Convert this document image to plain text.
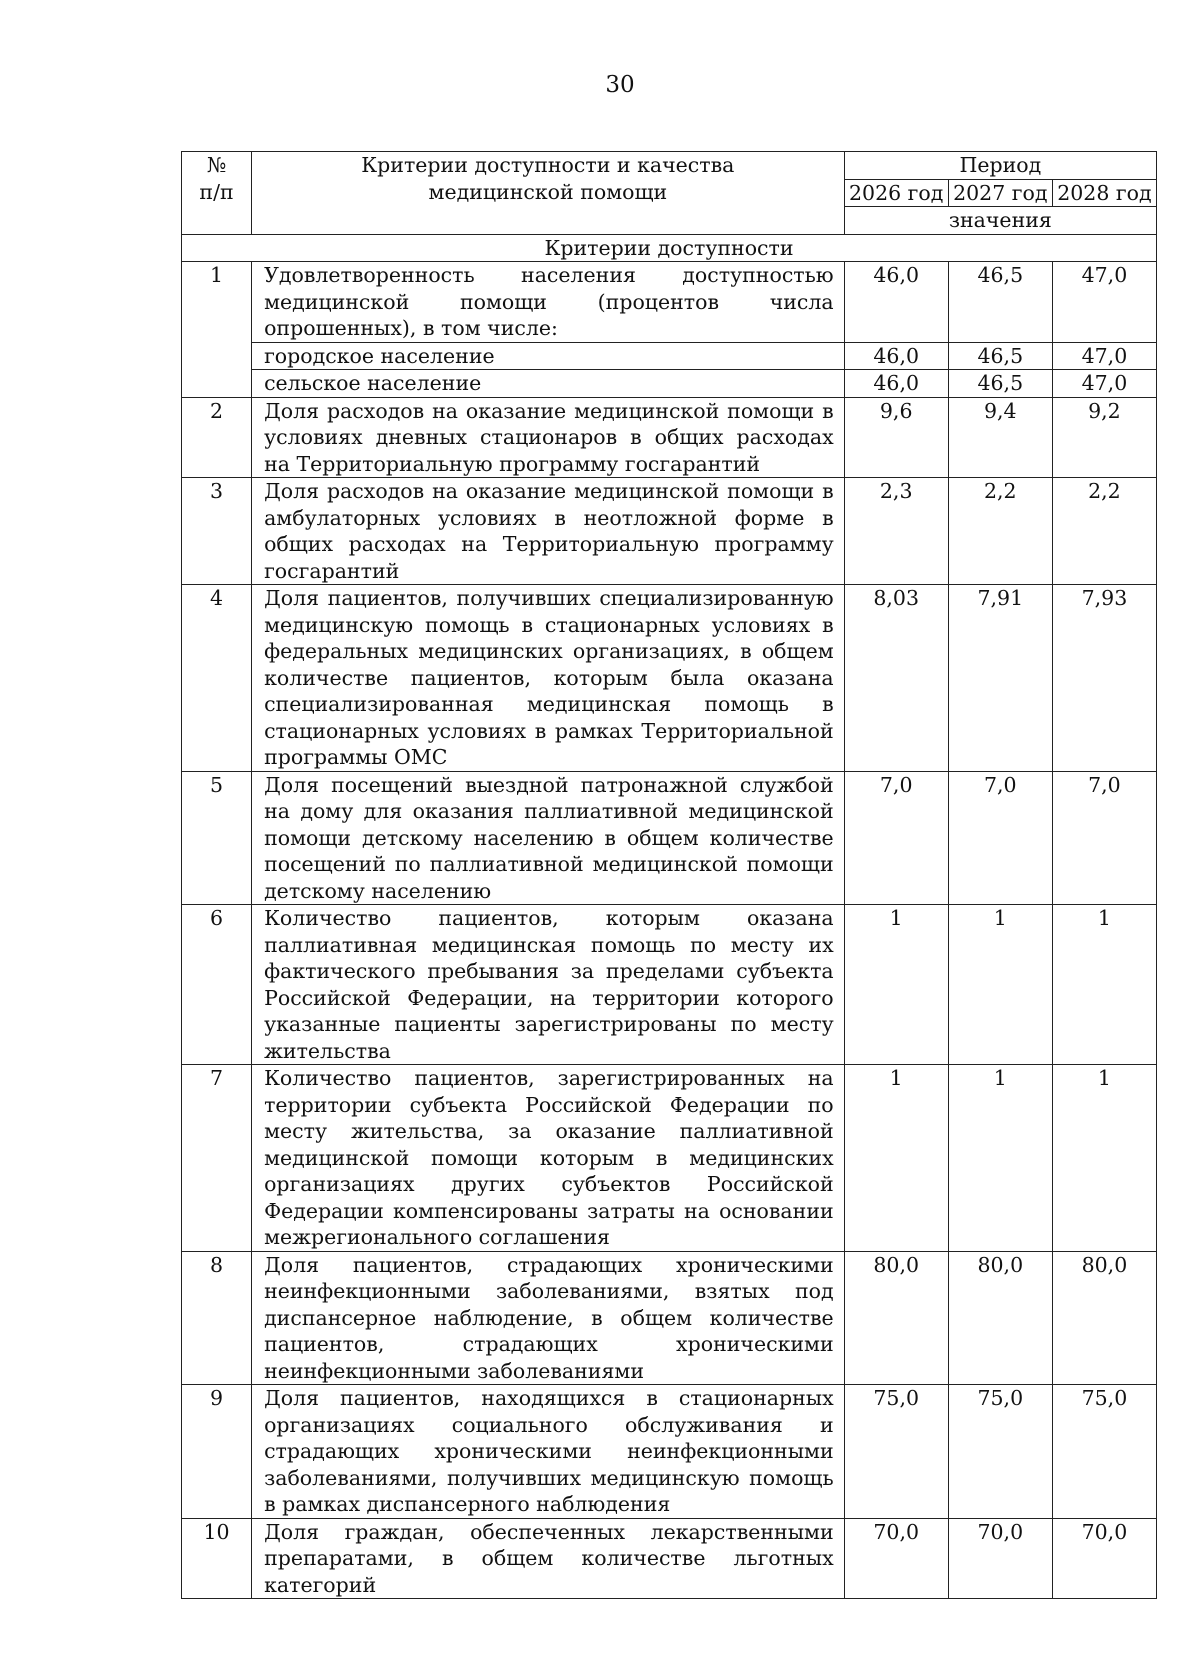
30
№
п/п	Критерии доступности и качества медицинской помощи	Период		
		2026 год	2027 год	2028 год
		значения		
Критерии доступности				
1	Удовлетворенность населения доступностью медицинской помощи (процентов числа опрошенных), в том числе:	46,0	46,5	47,0
	городское население	46,0	46,5	47,0
	сельское население	46,0	46,5	47,0
2	Доля расходов на оказание медицинской помощи в условиях дневных стационаров в общих расходах на Территориальную программу госгарантий	9,6	9,4	9,2
3	Доля расходов на оказание медицинской помощи в амбулаторных условиях в неотложной форме в общих расходах на Территориальную программу госгарантий	2,3	2,2	2,2
4	Доля пациентов, получивших специализированную медицинскую помощь в стационарных условиях в федеральных медицинских организациях, в общем количестве пациентов, которым была оказана специализированная медицинская помощь в стационарных условиях в рамках Территориальной программы ОМС	8,03	7,91	7,93
5	Доля посещений выездной патронажной службой на дому для оказания паллиативной медицинской помощи детскому населению в общем количестве посещений по паллиативной медицинской помощи детскому населению	7,0	7,0	7,0
6	Количество пациентов, которым оказана паллиативная медицинская помощь по месту их фактического пребывания за пределами субъекта Российской Федерации, на территории которого указанные пациенты зарегистрированы по месту жительства	1	1	1
7	Количество пациентов, зарегистрированных на территории субъекта Российской Федерации по месту жительства, за оказание паллиативной медицинской помощи которым в медицинских организациях других субъектов Российской Федерации компенсированы затраты на основании межрегионального соглашения	1	1	1
8	Доля пациентов, страдающих хроническими неинфекционными заболеваниями, взятых под диспансерное наблюдение, в общем количестве пациентов, страдающих хроническими неинфекционными заболеваниями	80,0	80,0	80,0
9	Доля пациентов, находящихся в стационарных организациях социального обслуживания и страдающих хроническими неинфекционными заболеваниями, получивших медицинскую помощь в рамках диспансерного наблюдения	75,0	75,0	75,0
10	Доля граждан, обеспеченных лекарственными препаратами, в общем количестве льготных категорий	70,0	70,0	70,0
